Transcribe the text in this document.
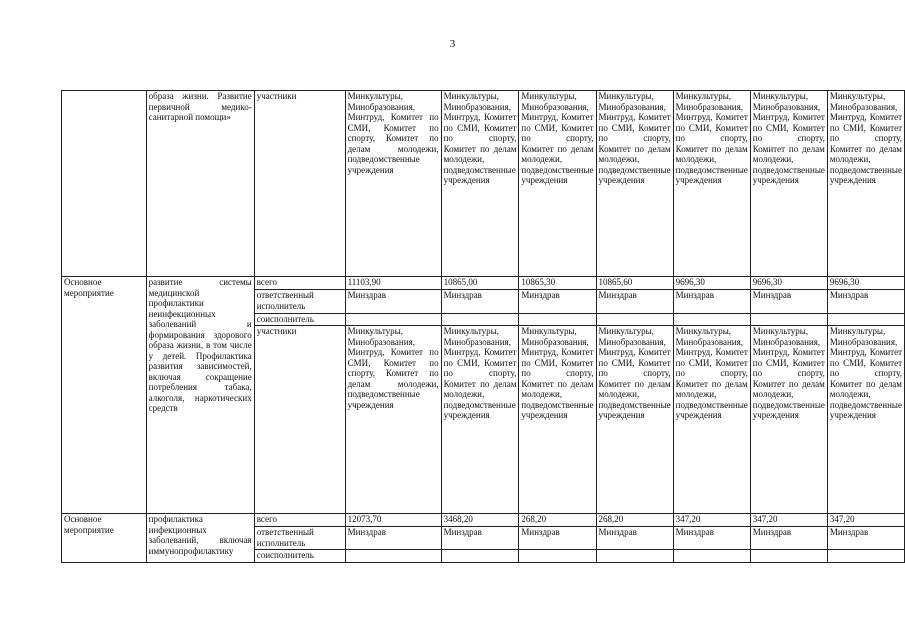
3
	образа жизни. Развитие первичной медико-санитарной помощи»	участники	Минкультуры, Минобразования, Минтруд, Комитет по СМИ, Комитет по спорту, Комитет по делам молодежи, подведомственные учреждения	Минкультуры, Минобразования, Минтруд, Комитет по СМИ, Комитет по спорту, Комитет по делам молодежи, подведомственные учреждения	Минкультуры, Минобразования, Минтруд, Комитет по СМИ, Комитет по спорту, Комитет по делам молодежи, подведомственные учреждения	Минкультуры, Минобразования, Минтруд, Комитет по СМИ, Комитет по спорту, Комитет по делам молодежи, подведомственные учреждения	Минкультуры, Минобразования, Минтруд, Комитет по СМИ, Комитет по спорту, Комитет по делам молодежи, подведомственные учреждения	Минкультуры, Минобразования, Минтруд, Комитет по СМИ, Комитет по спорту, Комитет по делам молодежи, подведомственные учреждения	Минкультуры, Минобразования, Минтруд, Комитет по СМИ, Комитет по спорту, Комитет по делам молодежи, подведомственные учреждения
Основное мероприятие	развитие системы медицинской профилактики неинфекционных заболеваний и формирования здорового образа жизни, в том числе у детей. Профилактика развития зависимостей, включая сокращение потребления табака, алкоголя, наркотических средств	всего	11103,90	10865,00	10865,30	10865,60	9696,30	9696,30	9696,30
		ответственный исполнитель	Минздрав	Минздрав	Минздрав	Минздрав	Минздрав	Минздрав	Минздрав
		соисполнитель							
		участники	Минкультуры, Минобразования, Минтруд, Комитет по СМИ, Комитет по спорту, Комитет по делам молодежи, подведомственные учреждения	Минкультуры, Минобразования, Минтруд, Комитет по СМИ, Комитет по спорту, Комитет по делам молодежи, подведомственные учреждения	Минкультуры, Минобразования, Минтруд, Комитет по СМИ, Комитет по спорту, Комитет по делам молодежи, подведомственные учреждения	Минкультуры, Минобразования, Минтруд, Комитет по СМИ, Комитет по спорту, Комитет по делам молодежи, подведомственные учреждения	Минкультуры, Минобразования, Минтруд, Комитет по СМИ, Комитет по спорту, Комитет по делам молодежи, подведомственные учреждения	Минкультуры, Минобразования, Минтруд, Комитет по СМИ, Комитет по спорту, Комитет по делам молодежи, подведомственные учреждения	Минкультуры, Минобразования, Минтруд, Комитет по СМИ, Комитет по спорту, Комитет по делам молодежи, подведомственные учреждения
Основное мероприятие	профилактика инфекционных заболеваний, включая иммунопрофилактику	всего	12073,70	3468,20	268,20	268,20	347,20	347,20	347,20
		ответственный исполнитель	Минздрав	Минздрав	Минздрав	Минздрав	Минздрав	Минздрав	Минздрав
		соисполнитель							
